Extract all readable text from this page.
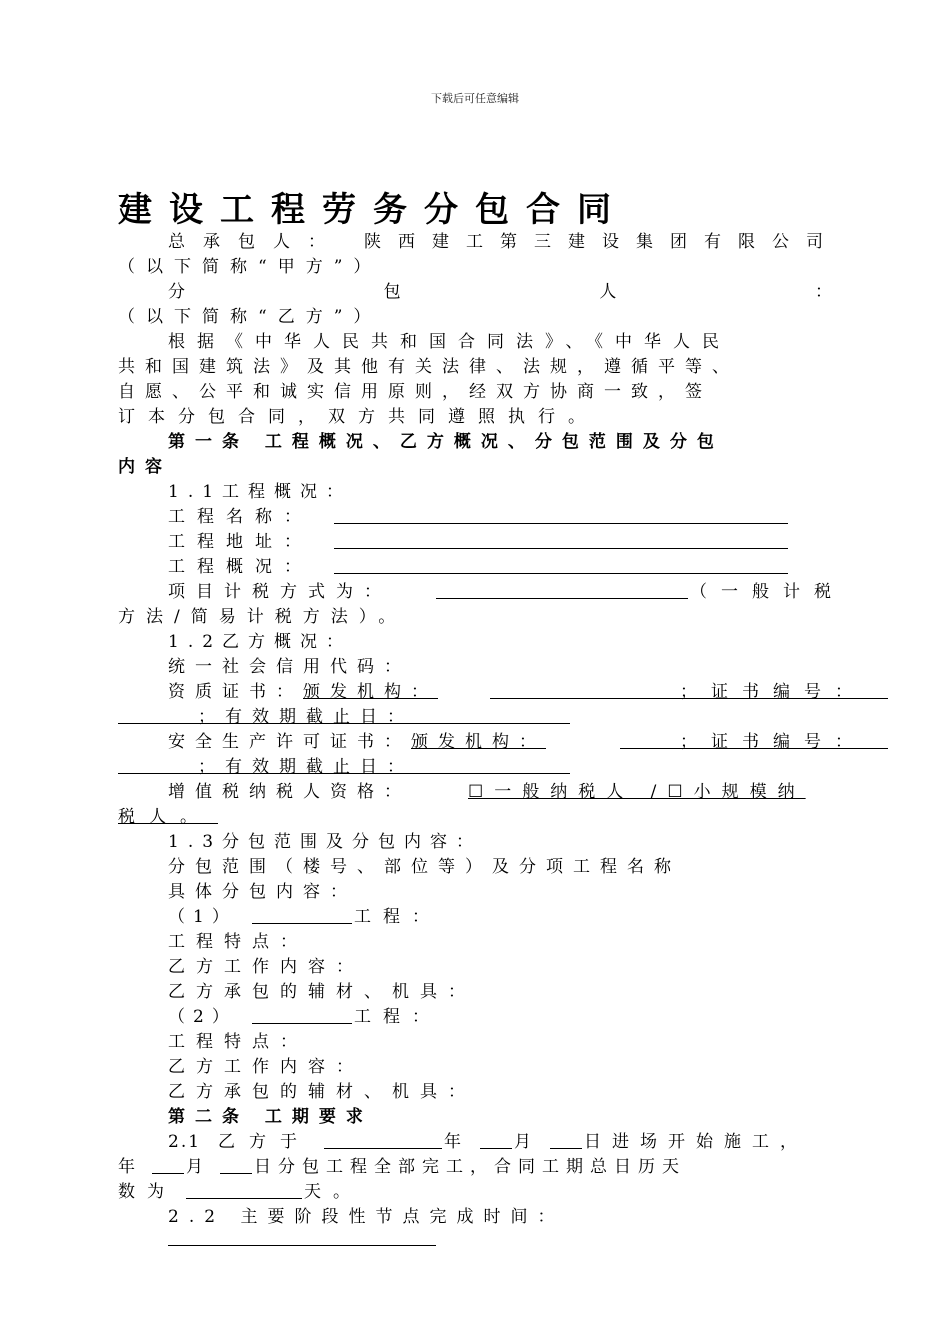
下载后可任意编辑
建设工程劳务分包合同
总承包人： 陕西建工第三建设集团有限公司
（以下简称“甲方”）
分	包	人	：
（以下简称“乙方”）
根据《中华人民共和国合同法》、《中华人民
共和国建筑法》及其他有关法律、法规，遵循平等、
自愿、公平和诚实信用原则，经双方协商一致，签
订本分包合同，双方共同遵照执行。
第一条 工程概况、乙方概况、分包范围及分包
内容
1.1工程概况：
工程名称：
工程地址：
工程概况：
项目计税方式为：	（一般计税
方法/简易计税方法）。
1.2乙方概况：
统一社会信用代码：
资质证书：颁发机构：	；证书编号：
；有效期截止日：
安全生产许可证书：颁发机构：	；证书编号：
；有效期截止日：
增值税纳税人资格：	☐一般纳税人 /☐小规模纳
税人。
1.3分包范围及分包内容：
分包范围（楼号、部位等）及分项工程名称
具体分包内容：
（1）	工程：
工程特点：
乙方工作内容：
乙方承包的辅材、机具：
（2）	工程：
工程特点：
乙方工作内容：
乙方承包的辅材、机具：
第二条 工期要求
2.1 乙方于	年	月	日进场开始施工，
年	月	日分包工程全部完工，合同工期总日历天
数为	天。
2.2 主要阶段性节点完成时间：
